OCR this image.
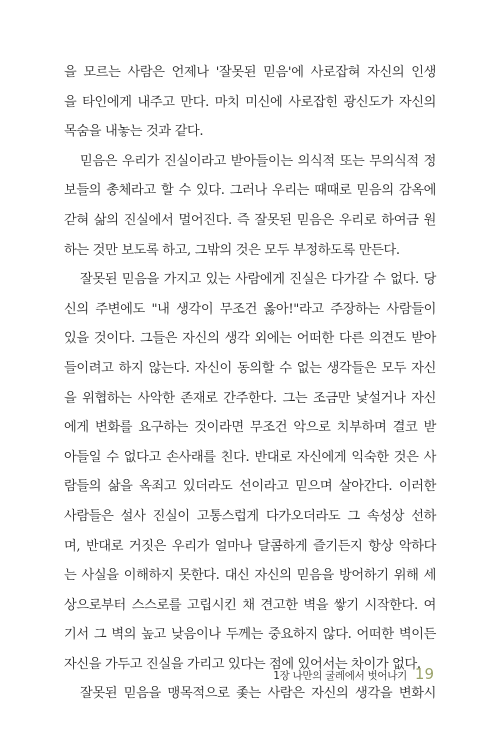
을 모르는 사람은 언제나 '잘못된 믿음'에 사로잡혀 자신의 인생
을 타인에게 내주고 만다. 마치 미신에 사로잡힌 광신도가 자신의
목숨을 내놓는 것과 같다.
믿음은 우리가 진실이라고 받아들이는 의식적 또는 무의식적 정
보들의 총체라고 할 수 있다. 그러나 우리는 때때로 믿음의 감옥에
갇혀 삶의 진실에서 멀어진다. 즉 잘못된 믿음은 우리로 하여금 원
하는 것만 보도록 하고, 그밖의 것은 모두 부정하도록 만든다.
잘못된 믿음을 가지고 있는 사람에게 진실은 다가갈 수 없다. 당
신의 주변에도 "내 생각이 무조건 옳아!"라고 주장하는 사람들이
있을 것이다. 그들은 자신의 생각 외에는 어떠한 다른 의견도 받아
들이려고 하지 않는다. 자신이 동의할 수 없는 생각들은 모두 자신
을 위협하는 사악한 존재로 간주한다. 그는 조금만 낯설거나 자신
에게 변화를 요구하는 것이라면 무조건 악으로 치부하며 결코 받
아들일 수 없다고 손사래를 친다. 반대로 자신에게 익숙한 것은 사
람들의 삶을 옥죄고 있더라도 선이라고 믿으며 살아간다. 이러한
사람들은 설사 진실이 고통스럽게 다가오더라도 그 속성상 선하
며, 반대로 거짓은 우리가 얼마나 달콤하게 즐기든지 항상 악하다
는 사실을 이해하지 못한다. 대신 자신의 믿음을 방어하기 위해 세
상으로부터 스스로를 고립시킨 채 견고한 벽을 쌓기 시작한다. 여
기서 그 벽의 높고 낮음이나 두께는 중요하지 않다. 어떠한 벽이든
자신을 가두고 진실을 가리고 있다는 점에 있어서는 차이가 없다.
잘못된 믿음을 맹목적으로 좇는 사람은 자신의 생각을 변화시
1장 나만의 굴레에서 벗어나기 19
